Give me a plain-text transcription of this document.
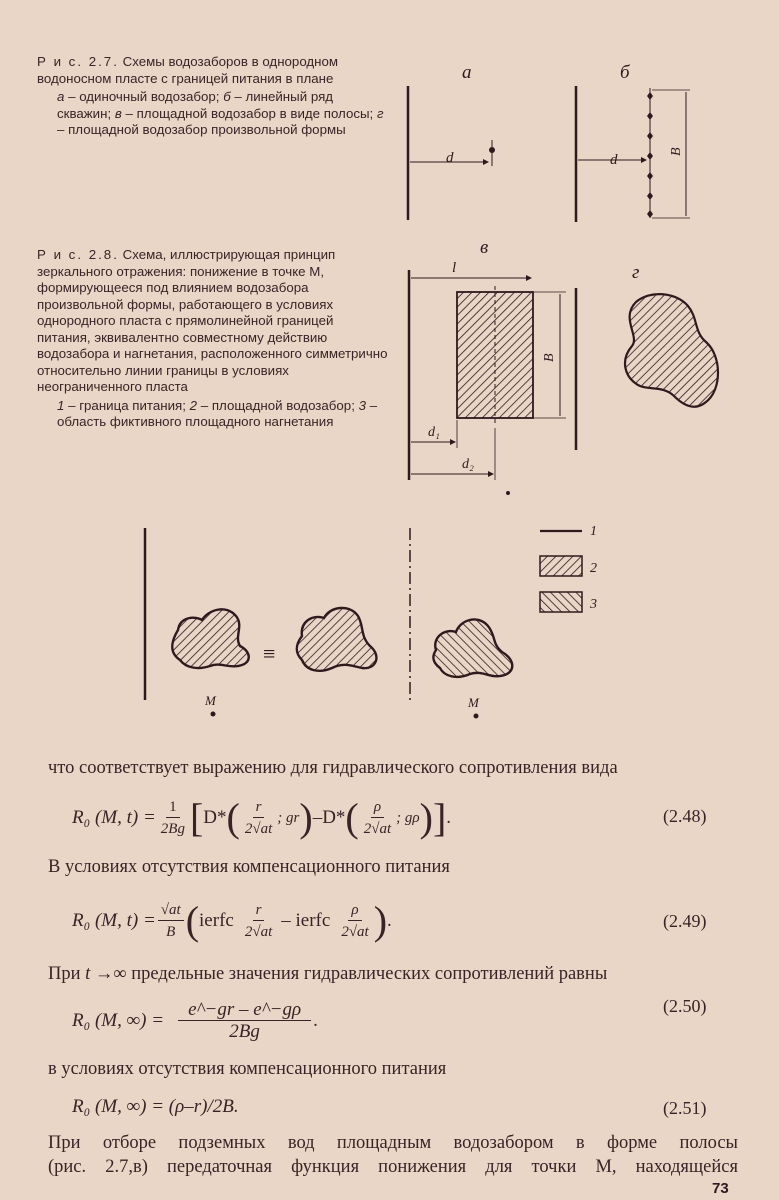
Р и с. 2.7. Схемы водозаборов в однородном водоносном пласте с границей питания в плане
а – одиночный водозабор; б – линейный ряд скважин; в – площадной водозабор в виде полосы; г – площадной водозабор произвольной формы
Р и с. 2.8. Схема, иллюстрирующая принцип зеркального отражения: понижение в точке М, формирующееся под влиянием водозабора произвольной формы, работающего в условиях однородного пласта с прямолинейной границей питания, эквивалентно совместному действию водозабора и нагнетания, расположенного симметрично относительно линии границы в условиях неограниченного пласта
1 – граница питания; 2 – площадной водозабор; 3 – область фиктивного площадного нагнетания
а
d
б
d
В
в
l
В
d₁
d₂
г
М
≡
М
1
2
3
что соответствует выражению для гидравлического сопротивления вида
R₀ (M, $t) = \frac{1}{2Bg}$ [ D* ( $\frac{r}{2√at}$ ; gr ) – D* ( $\frac{\rho}{2√at}$ ; gρ ) ] .	(2.48)
В условиях отсутствия компенсационного питания
R₀ (M, $t) = \frac{√at}{B}$ ( ierfc $\frac{r}{2√at}$ – ierfc $\frac{\rho}{2√at}$ ) .	(2.49)
При t →∞ предельные значения гидравлических сопротивлений равны
R₀ (M, ∞) = $\frac{e\^{}-gr - e\^{}-g\rho}{2Bg}$ .
(2.50)
в условиях отсутствия компенсационного питания
R₀ (M, ∞) = (ρ–r)/2B.	(2.51)
При отборе подземных вод площадным водозабором в форме полосы
(рис. 2.7,в) передаточная функция понижения для точки М, находящейся
73
